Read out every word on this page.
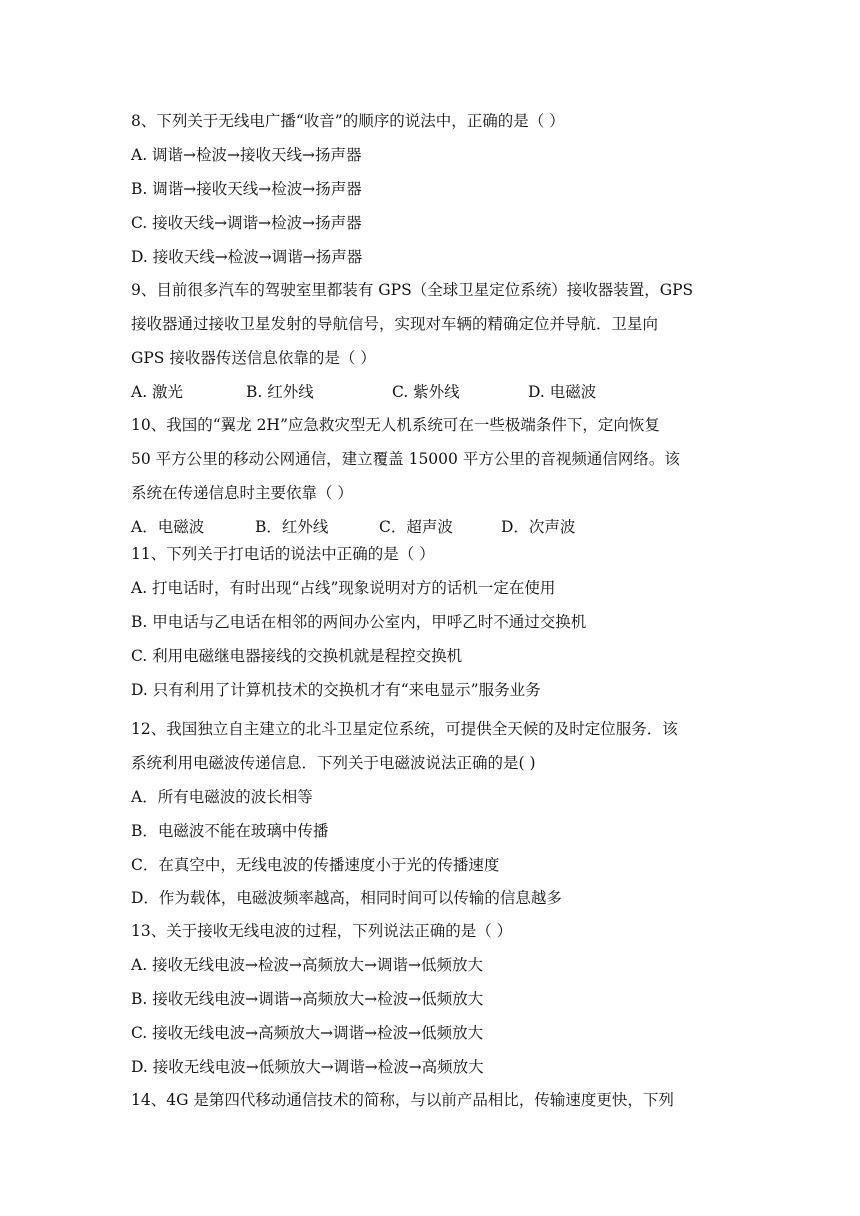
8、下列关于无线电广播“收音”的顺序的说法中，正确的是（ ）
A. 调谐→检波→接收天线→扬声器
B. 调谐→接收天线→检波→扬声器
C. 接收天线→调谐→检波→扬声器
D. 接收天线→检波→调谐→扬声器
9、目前很多汽车的驾驶室里都装有 GPS（全球卫星定位系统）接收器装置，GPS
接收器通过接收卫星发射的导航信号，实现对车辆的精确定位并导航．卫星向
GPS 接收器传送信息依靠的是（ ）
A. 激光	B. 红外线	C. 紫外线	D. 电磁波
10、我国的“翼龙 2H”应急救灾型无人机系统可在一些极端条件下，定向恢复
50 平方公里的移动公网通信，建立覆盖 15000 平方公里的音视频通信网络。该
系统在传递信息时主要依靠（ ）
A．电磁波	B．红外线	C．超声波	D．次声波
11、下列关于打电话的说法中正确的是（ ）
A. 打电话时，有时出现“占线”现象说明对方的话机一定在使用
B. 甲电话与乙电话在相邻的两间办公室内，甲呼乙时不通过交换机
C. 利用电磁继电器接线的交换机就是程控交换机
D. 只有利用了计算机技术的交换机才有“来电显示”服务业务
12、我国独立自主建立的北斗卫星定位系统，可提供全天候的及时定位服务．该
系统利用电磁波传递信息．下列关于电磁波说法正确的是( )
A．所有电磁波的波长相等
B．电磁波不能在玻璃中传播
C．在真空中，无线电波的传播速度小于光的传播速度
D．作为载体，电磁波频率越高，相同时间可以传输的信息越多
13、关于接收无线电波的过程，下列说法正确的是（ ）
A. 接收无线电波→检波→高频放大→调谐→低频放大
B. 接收无线电波→调谐→高频放大→检波→低频放大
C. 接收无线电波→高频放大→调谐→检波→低频放大
D. 接收无线电波→低频放大→调谐→检波→高频放大
14、4G 是第四代移动通信技术的简称，与以前产品相比，传输速度更快，下列
